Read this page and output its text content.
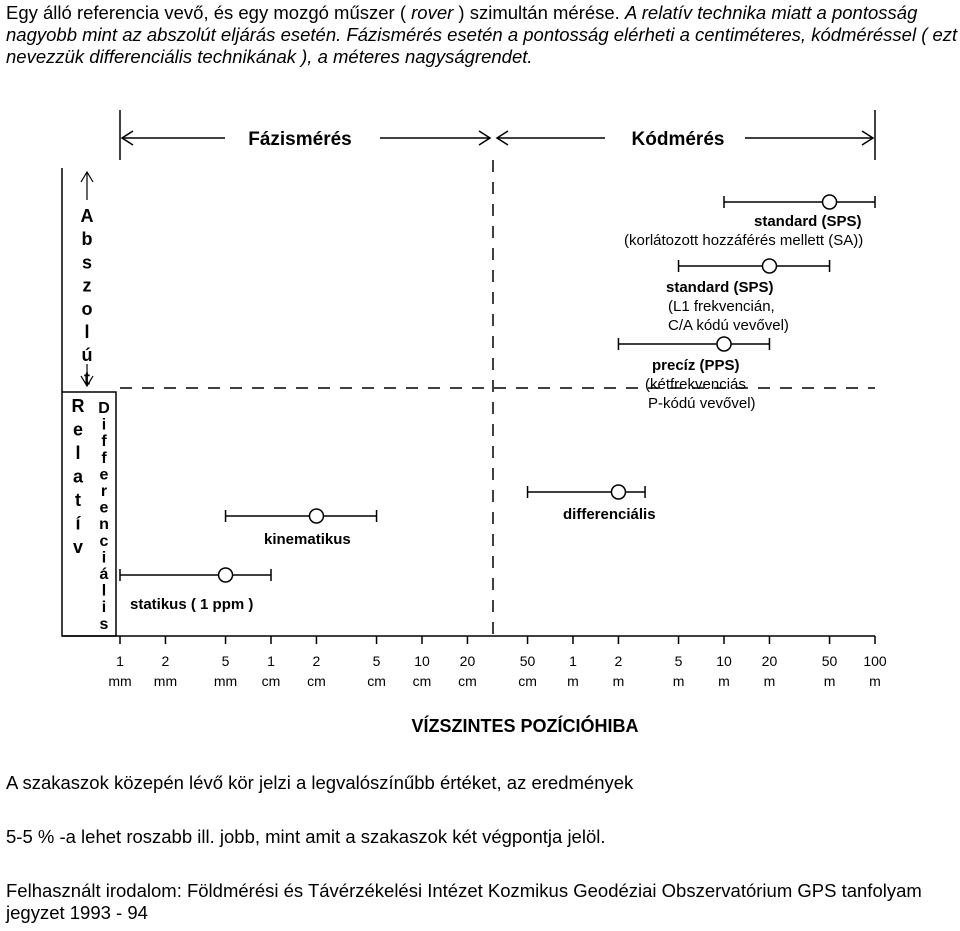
Egy álló referencia vevő, és egy mozgó műszer ( rover ) szimultán mérése. A relatív technika miatt a pontosság nagyobb mint az abszolút eljárás esetén. Fázismérés esetén a pontosság elérheti a centiméteres, kódméréssel ( ezt nevezzük differenciális technikának ), a méteres nagyságrendet.
Fázismérés	Kódmérés
A
b
s
z
o
l
ú
t
R
e
l
a
t
í
v
D
i
f
f
e
r
e
n
c
i
á
l
i
s
1
mm
2
mm
5
mm
1
cm
2
cm
5
cm
10
cm
20
cm
50
cm
1
m
2
m
5
m
10
m
20
m
50
m
100
m
VÍZSZINTES POZÍCIÓHIBA
standard (SPS)
(korlátozott hozzáférés mellett (SA))
standard (SPS)
(L1 frekvencián,
C/A kódú vevővel)
precíz (PPS)
(kétfrekvenciás
P-kódú vevővel)
differenciális
kinematikus
statikus ( 1 ppm )
A szakaszok közepén lévő kör jelzi a legvalószínűbb értéket, az eredmények
5-5 % -a lehet roszabb ill. jobb, mint amit a szakaszok két végpontja jelöl.
Felhasznált irodalom: Földmérési és Távérzékelési Intézet Kozmikus Geodéziai Obszervatórium GPS tanfolyam jegyzet 1993 - 94
